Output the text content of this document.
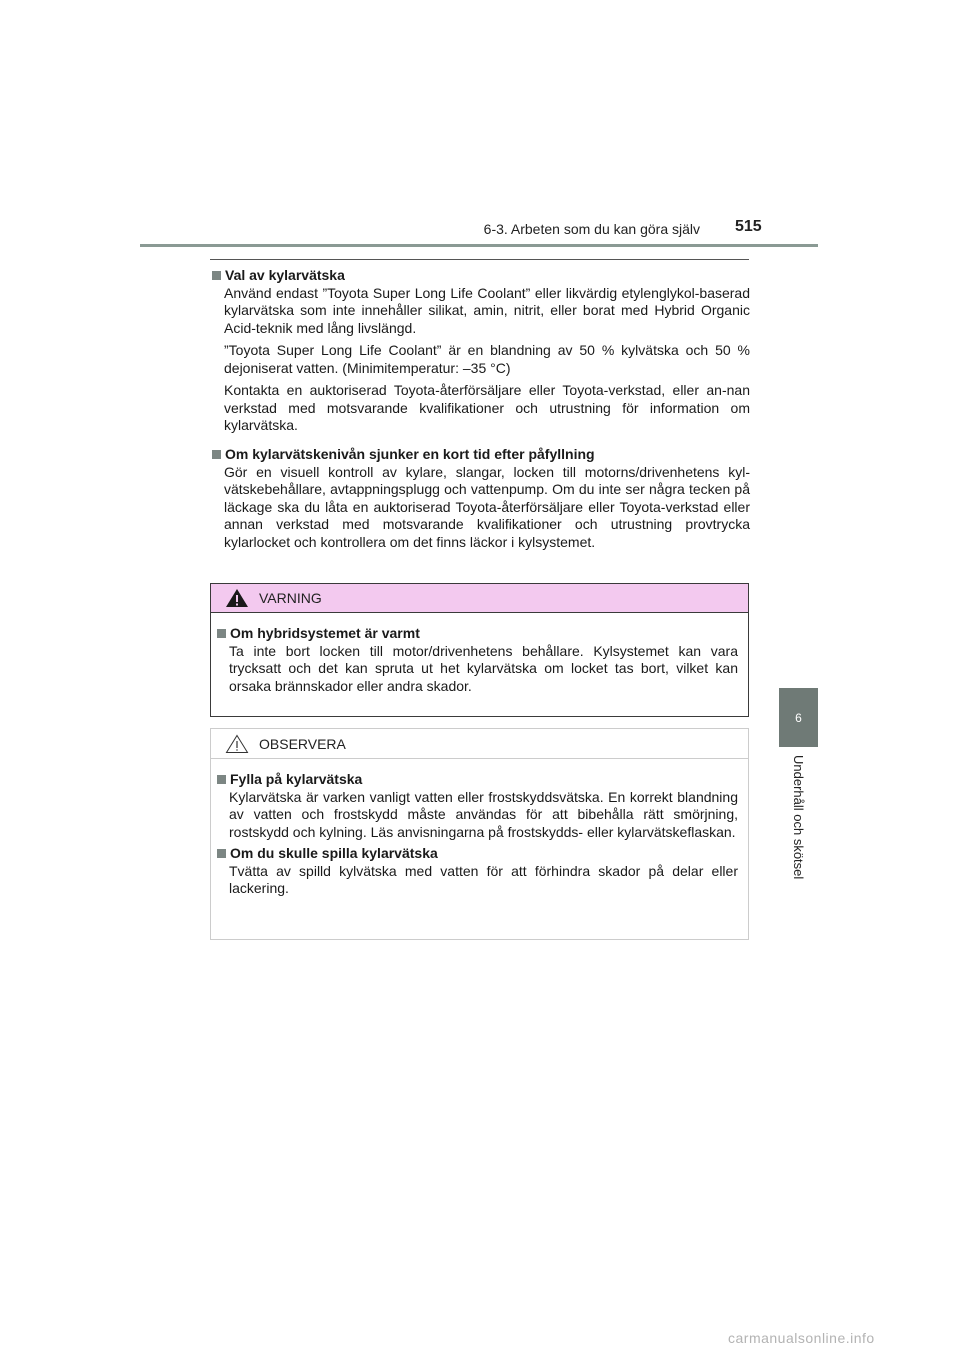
6-3. Arbeten som du kan göra själv 515
6
Underhåll och skötsel
Val av kylarvätska

Använd endast ”Toyota Super Long Life Coolant” eller likvärdig etylenglykol-baserad kylarvätska som inte innehåller silikat, amin, nitrit, eller borat med Hybrid Organic Acid-teknik med lång livslängd.

”Toyota Super Long Life Coolant” är en blandning av 50 % kylvätska och 50 % dejoniserat vatten. (Minimitemperatur: –35 °C)

Kontakta en auktoriserad Toyota-återförsäljare eller Toyota-verkstad, eller an-nan verkstad med motsvarande kvalifikationer och utrustning för information om kylarvätska.

Om kylarvätskenivån sjunker en kort tid efter påfyllning

Gör en visuell kontroll av kylare, slangar, locken till motorns/drivenhetens kyl-vätskebehållare, avtappningsplugg och vattenpump. Om du inte ser några tecken på läckage ska du låta en auktoriserad Toyota-återförsäljare eller Toyota-verkstad eller annan verkstad med motsvarande kvalifikationer och utrustning provtrycka kylarlocket och kontrollera om det finns läckor i kylsystemet.

VARNING
Om hybridsystemet är varmt

Ta inte bort locken till motor/drivenhetens behållare. Kylsystemet kan vara trycksatt och det kan spruta ut het kylarvätska om locket tas bort, vilket kan orsaka brännskador eller andra skador.

OBSERVERA
Fylla på kylarvätska

Kylarvätska är varken vanligt vatten eller frostskyddsvätska. En korrekt blandning av vatten och frostskydd måste användas för att bibehålla rätt smörjning, rostskydd och kylning. Läs anvisningarna på frostskydds- eller kylarvätskeflaskan.

Om du skulle spilla kylarvätska

Tvätta av spilld kylvätska med vatten för att förhindra skador på delar eller lackering.

carmanualsonline.info
